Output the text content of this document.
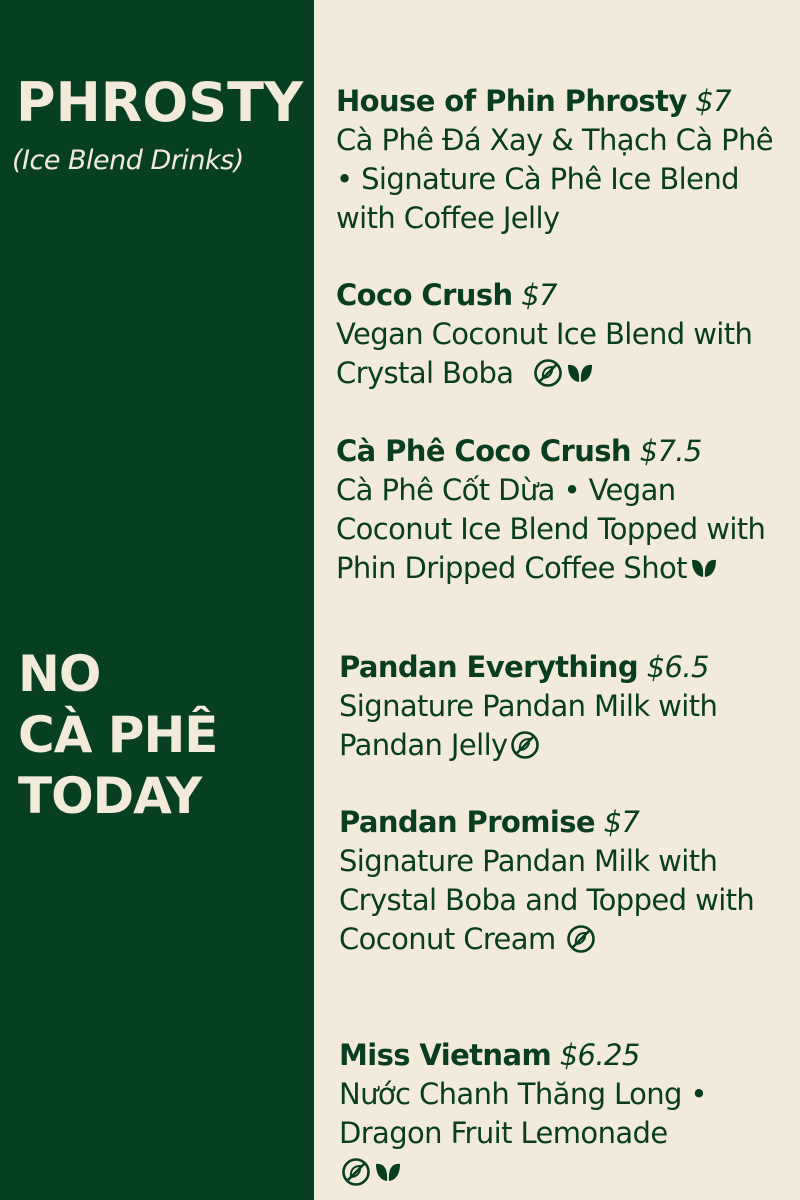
PHROSTY
(Ice Blend Drinks)
NO
CÀ PHÊ
TODAY
House of Phin Phrosty $7
Cà Phê Đá Xay & Thạch Cà Phê • Signature Cà Phê Ice Blend with Coffee Jelly
Coco Crush $7
Vegan Coconut Ice Blend with Crystal Boba
Cà Phê Coco Crush $7.5
Cà Phê Cốt Dừa • Vegan Coconut Ice Blend Topped with Phin Dripped Coffee Shot
Pandan Everything $6.5
Signature Pandan Milk with Pandan Jelly
Pandan Promise $7
Signature Pandan Milk with Crystal Boba and Topped with Coconut Cream
Miss Vietnam $6.25
Nước Chanh Thăng Long • Dragon Fruit Lemonade
